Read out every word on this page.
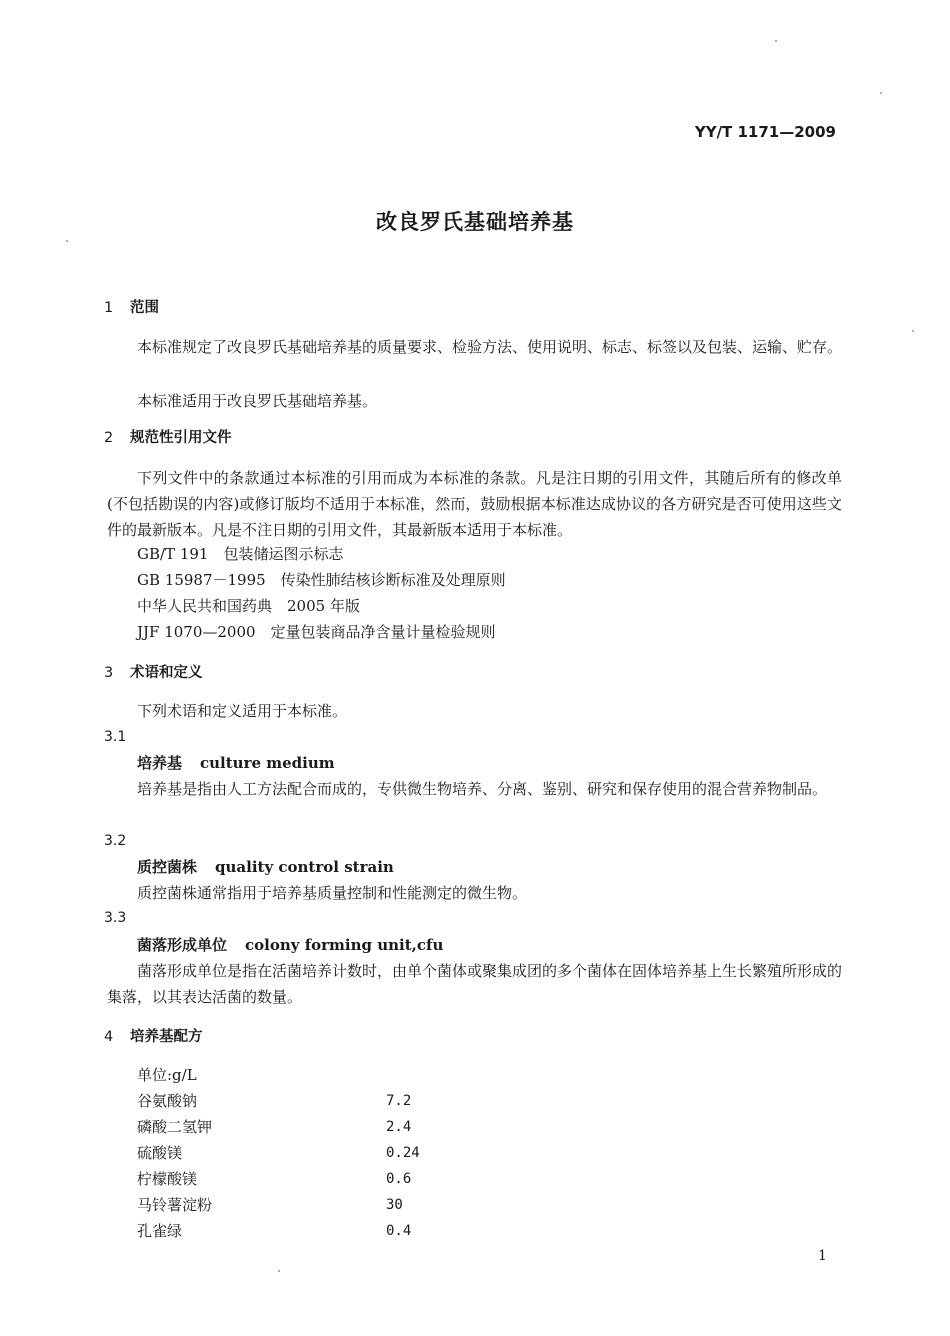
YY/T 1171—2009
改良罗氏基础培养基
1 范围
本标准规定了改良罗氏基础培养基的质量要求、检验方法、使用说明、标志、标签以及包装、运输、贮存。
本标准适用于改良罗氏基础培养基。
2 规范性引用文件
下列文件中的条款通过本标准的引用而成为本标准的条款。凡是注日期的引用文件，其随后所有的修改单(不包括勘误的内容)或修订版均不适用于本标准，然而，鼓励根据本标准达成协议的各方研究是否可使用这些文件的最新版本。凡是不注日期的引用文件，其最新版本适用于本标准。
GB/T 191　包装储运图示标志
GB 15987－1995　传染性肺结核诊断标准及处理原则
中华人民共和国药典　2005 年版
JJF 1070—2000　定量包装商品净含量计量检验规则
3 术语和定义
下列术语和定义适用于本标准。
3.1
培养基 culture medium
培养基是指由人工方法配合而成的，专供微生物培养、分离、鉴别、研究和保存使用的混合营养物制品。
3.2
质控菌株 quality control strain
质控菌株通常指用于培养基质量控制和性能测定的微生物。
3.3
菌落形成单位 colony forming unit,cfu
菌落形成单位是指在活菌培养计数时，由单个菌体或聚集成团的多个菌体在固体培养基上生长繁殖所形成的集落，以其表达活菌的数量。
4 培养基配方
单位:g/L
谷氨酸钠	7.2
磷酸二氢钾	2.4
硫酸镁	0.24
柠檬酸镁	0.6
马铃薯淀粉	30
孔雀绿	0.4
1
